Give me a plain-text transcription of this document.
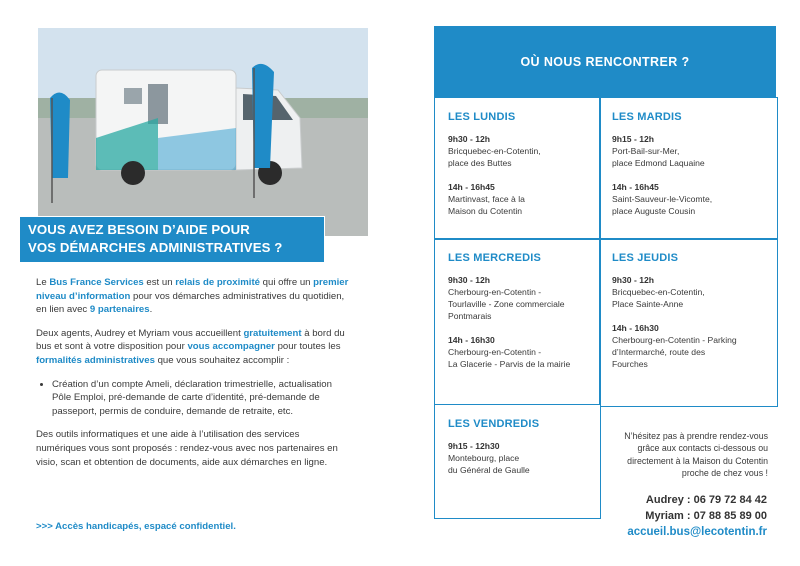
VOUS AVEZ BESOIN D’AIDE POUR
VOS DÉMARCHES ADMINISTRATIVES ?

Le Bus France Services est un relais de proximité qui offre un premier niveau d’information pour vos démarches administratives du quotidien, en lien avec 9 partenaires.

Deux agents, Audrey et Myriam vous accueillent gratuitement à bord du bus et sont à votre disposition pour vous accompagner pour toutes les formalités administratives que vous souhaitez accomplir :

• Création d’un compte Ameli, déclaration trimestrielle, actualisation Pôle Emploi, pré-demande de carte d’identité, pré-demande de passeport, permis de conduire, demande de retraite, etc.

Des outils informatiques et une aide à l’utilisation des services numériques vous sont proposés : rendez-vous avec nos partenaires en visio, scan et obtention de documents, aide aux démarches en ligne.

>>> Accès handicapés, espacé confidentiel.
OÙ NOUS RENCONTRER ?
LES LUNDIS
9h30 - 12h
Bricquebec-en-Cotentin,
place des Buttes
14h - 16h45
Martinvast, face à la
Maison du Cotentin
LES MARDIS
9h15 - 12h
Port-Bail-sur-Mer,
place Edmond Laquaine
14h - 16h45
Saint-Sauveur-le-Vicomte,
place Auguste Cousin
LES MERCREDIS
9h30 - 12h
Cherbourg-en-Cotentin -
Tourlaville - Zone commerciale
Pontmarais
14h - 16h30
Cherbourg-en-Cotentin -
La Glacerie - Parvis de la mairie
LES JEUDIS
9h30 - 12h
Bricquebec-en-Cotentin,
Place Sainte-Anne
14h - 16h30
Cherbourg-en-Cotentin - Parking
d’Intermarché, route des
Fourches
LES VENDREDIS
9h15 - 12h30
Montebourg, place
du Général de Gaulle
N’hésitez pas à prendre rendez-vous grâce aux contacts ci-dessous ou directement à la Maison du Cotentin proche de chez vous !
Audrey : 06 79 72 84 42
Myriam : 07 88 85 89 00
accueil.bus@lecotentin.fr
